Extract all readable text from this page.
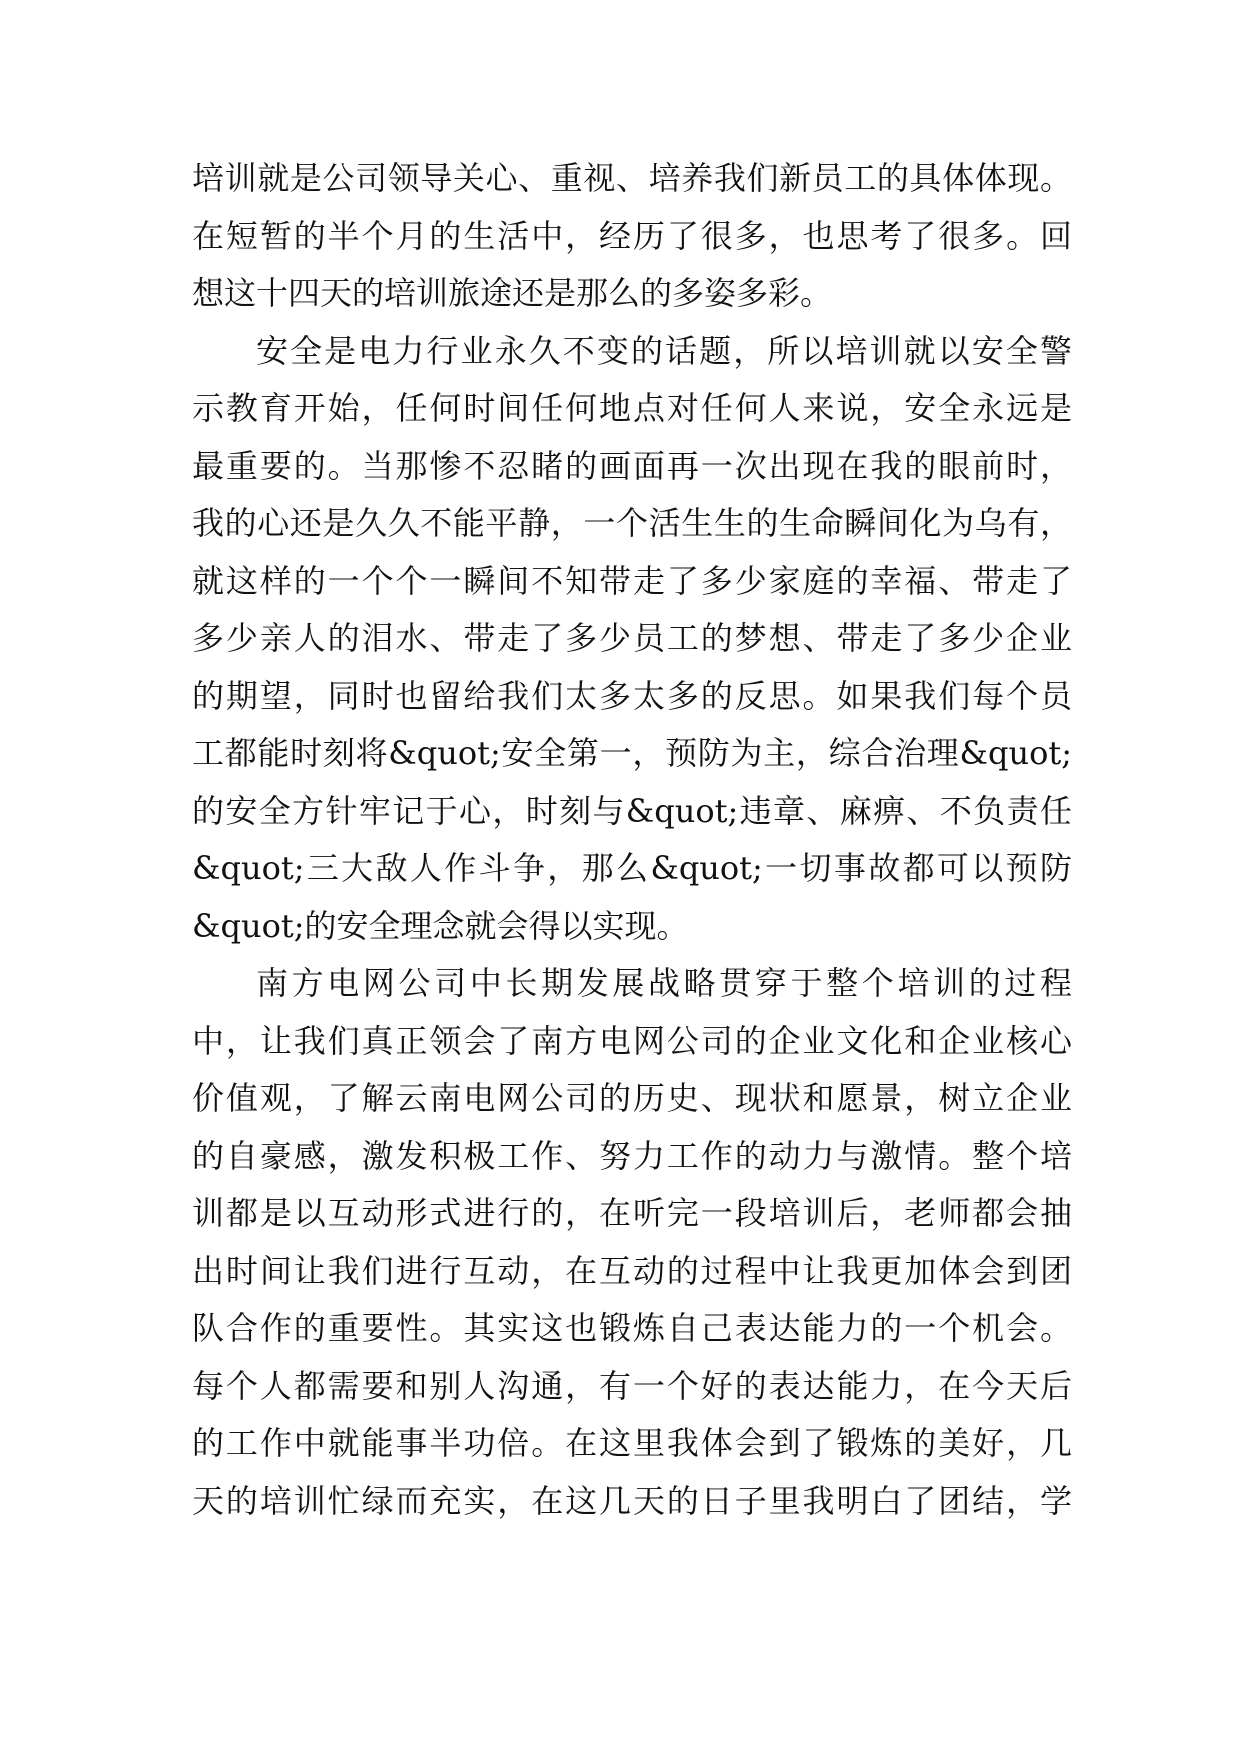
培训就是公司领导关心、重视、培养我们新员工的具体体现。
在短暂的半个月的生活中，经历了很多，也思考了很多。回
想这十四天的培训旅途还是那么的多姿多彩。
安全是电力行业永久不变的话题，所以培训就以安全警
示教育开始，任何时间任何地点对任何人来说，安全永远是
最重要的。当那惨不忍睹的画面再一次出现在我的眼前时，
我的心还是久久不能平静，一个活生生的生命瞬间化为乌有，
就这样的一个个一瞬间不知带走了多少家庭的幸福、带走了
多少亲人的泪水、带走了多少员工的梦想、带走了多少企业
的期望，同时也留给我们太多太多的反思。如果我们每个员
工都能时刻将&quot;安全第一，预防为主，综合治理&quot;
的安全方针牢记于心，时刻与&quot;违章、麻痹、不负责任
&quot;三大敌人作斗争，那么&quot;一切事故都可以预防
&quot;的安全理念就会得以实现。
南方电网公司中长期发展战略贯穿于整个培训的过程
中，让我们真正领会了南方电网公司的企业文化和企业核心
价值观，了解云南电网公司的历史、现状和愿景，树立企业
的自豪感，激发积极工作、努力工作的动力与激情。整个培
训都是以互动形式进行的，在听完一段培训后，老师都会抽
出时间让我们进行互动，在互动的过程中让我更加体会到团
队合作的重要性。其实这也锻炼自己表达能力的一个机会。
每个人都需要和别人沟通，有一个好的表达能力，在今天后
的工作中就能事半功倍。在这里我体会到了锻炼的美好，几
天的培训忙绿而充实，在这几天的日子里我明白了团结，学
